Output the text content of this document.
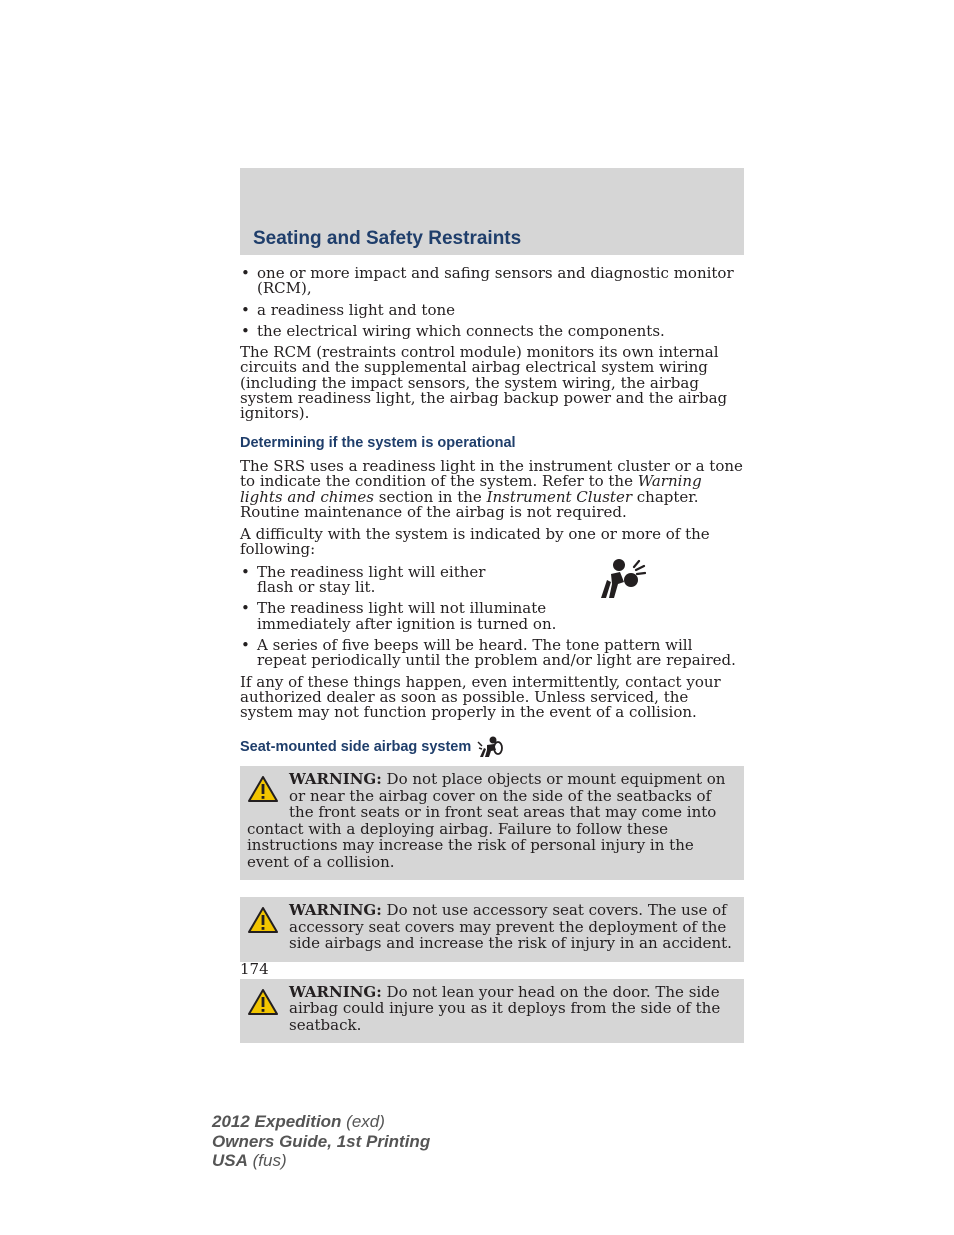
Seating and Safety Restraints
• one or more impact and safing sensors and diagnostic monitor (RCM),
• a readiness light and tone
• the electrical wiring which connects the components.

The RCM (restraints control module) monitors its own internal circuits and the supplemental airbag electrical system wiring (including the impact sensors, the system wiring, the airbag system readiness light, the airbag backup power and the airbag ignitors).

Determining if the system is operational

The SRS uses a readiness light in the instrument cluster or a tone to indicate the condition of the system. Refer to the Warning lights and chimes section in the Instrument Cluster chapter. Routine maintenance of the airbag is not required.

A difficulty with the system is indicated by one or more of the following:

• The readiness light will either flash or stay lit.
• The readiness light will not illuminate immediately after ignition is turned on.
• A series of five beeps will be heard. The tone pattern will repeat periodically until the problem and/or light are repaired.

If any of these things happen, even intermittently, contact your authorized dealer as soon as possible. Unless serviced, the system may not function properly in the event of a collision.

Seat-mounted side airbag system

WARNING: Do not place objects or mount equipment on or near the airbag cover on the side of the seatbacks of the front seats or in front seat areas that may come into contact with a deploying airbag. Failure to follow these instructions may increase the risk of personal injury in the event of a collision.

WARNING: Do not use accessory seat covers. The use of accessory seat covers may prevent the deployment of the side airbags and increase the risk of injury in an accident.

WARNING: Do not lean your head on the door. The side airbag could injure you as it deploys from the side of the seatback.

174
2012 Expedition (exd)
Owners Guide, 1st Printing
USA (fus)
